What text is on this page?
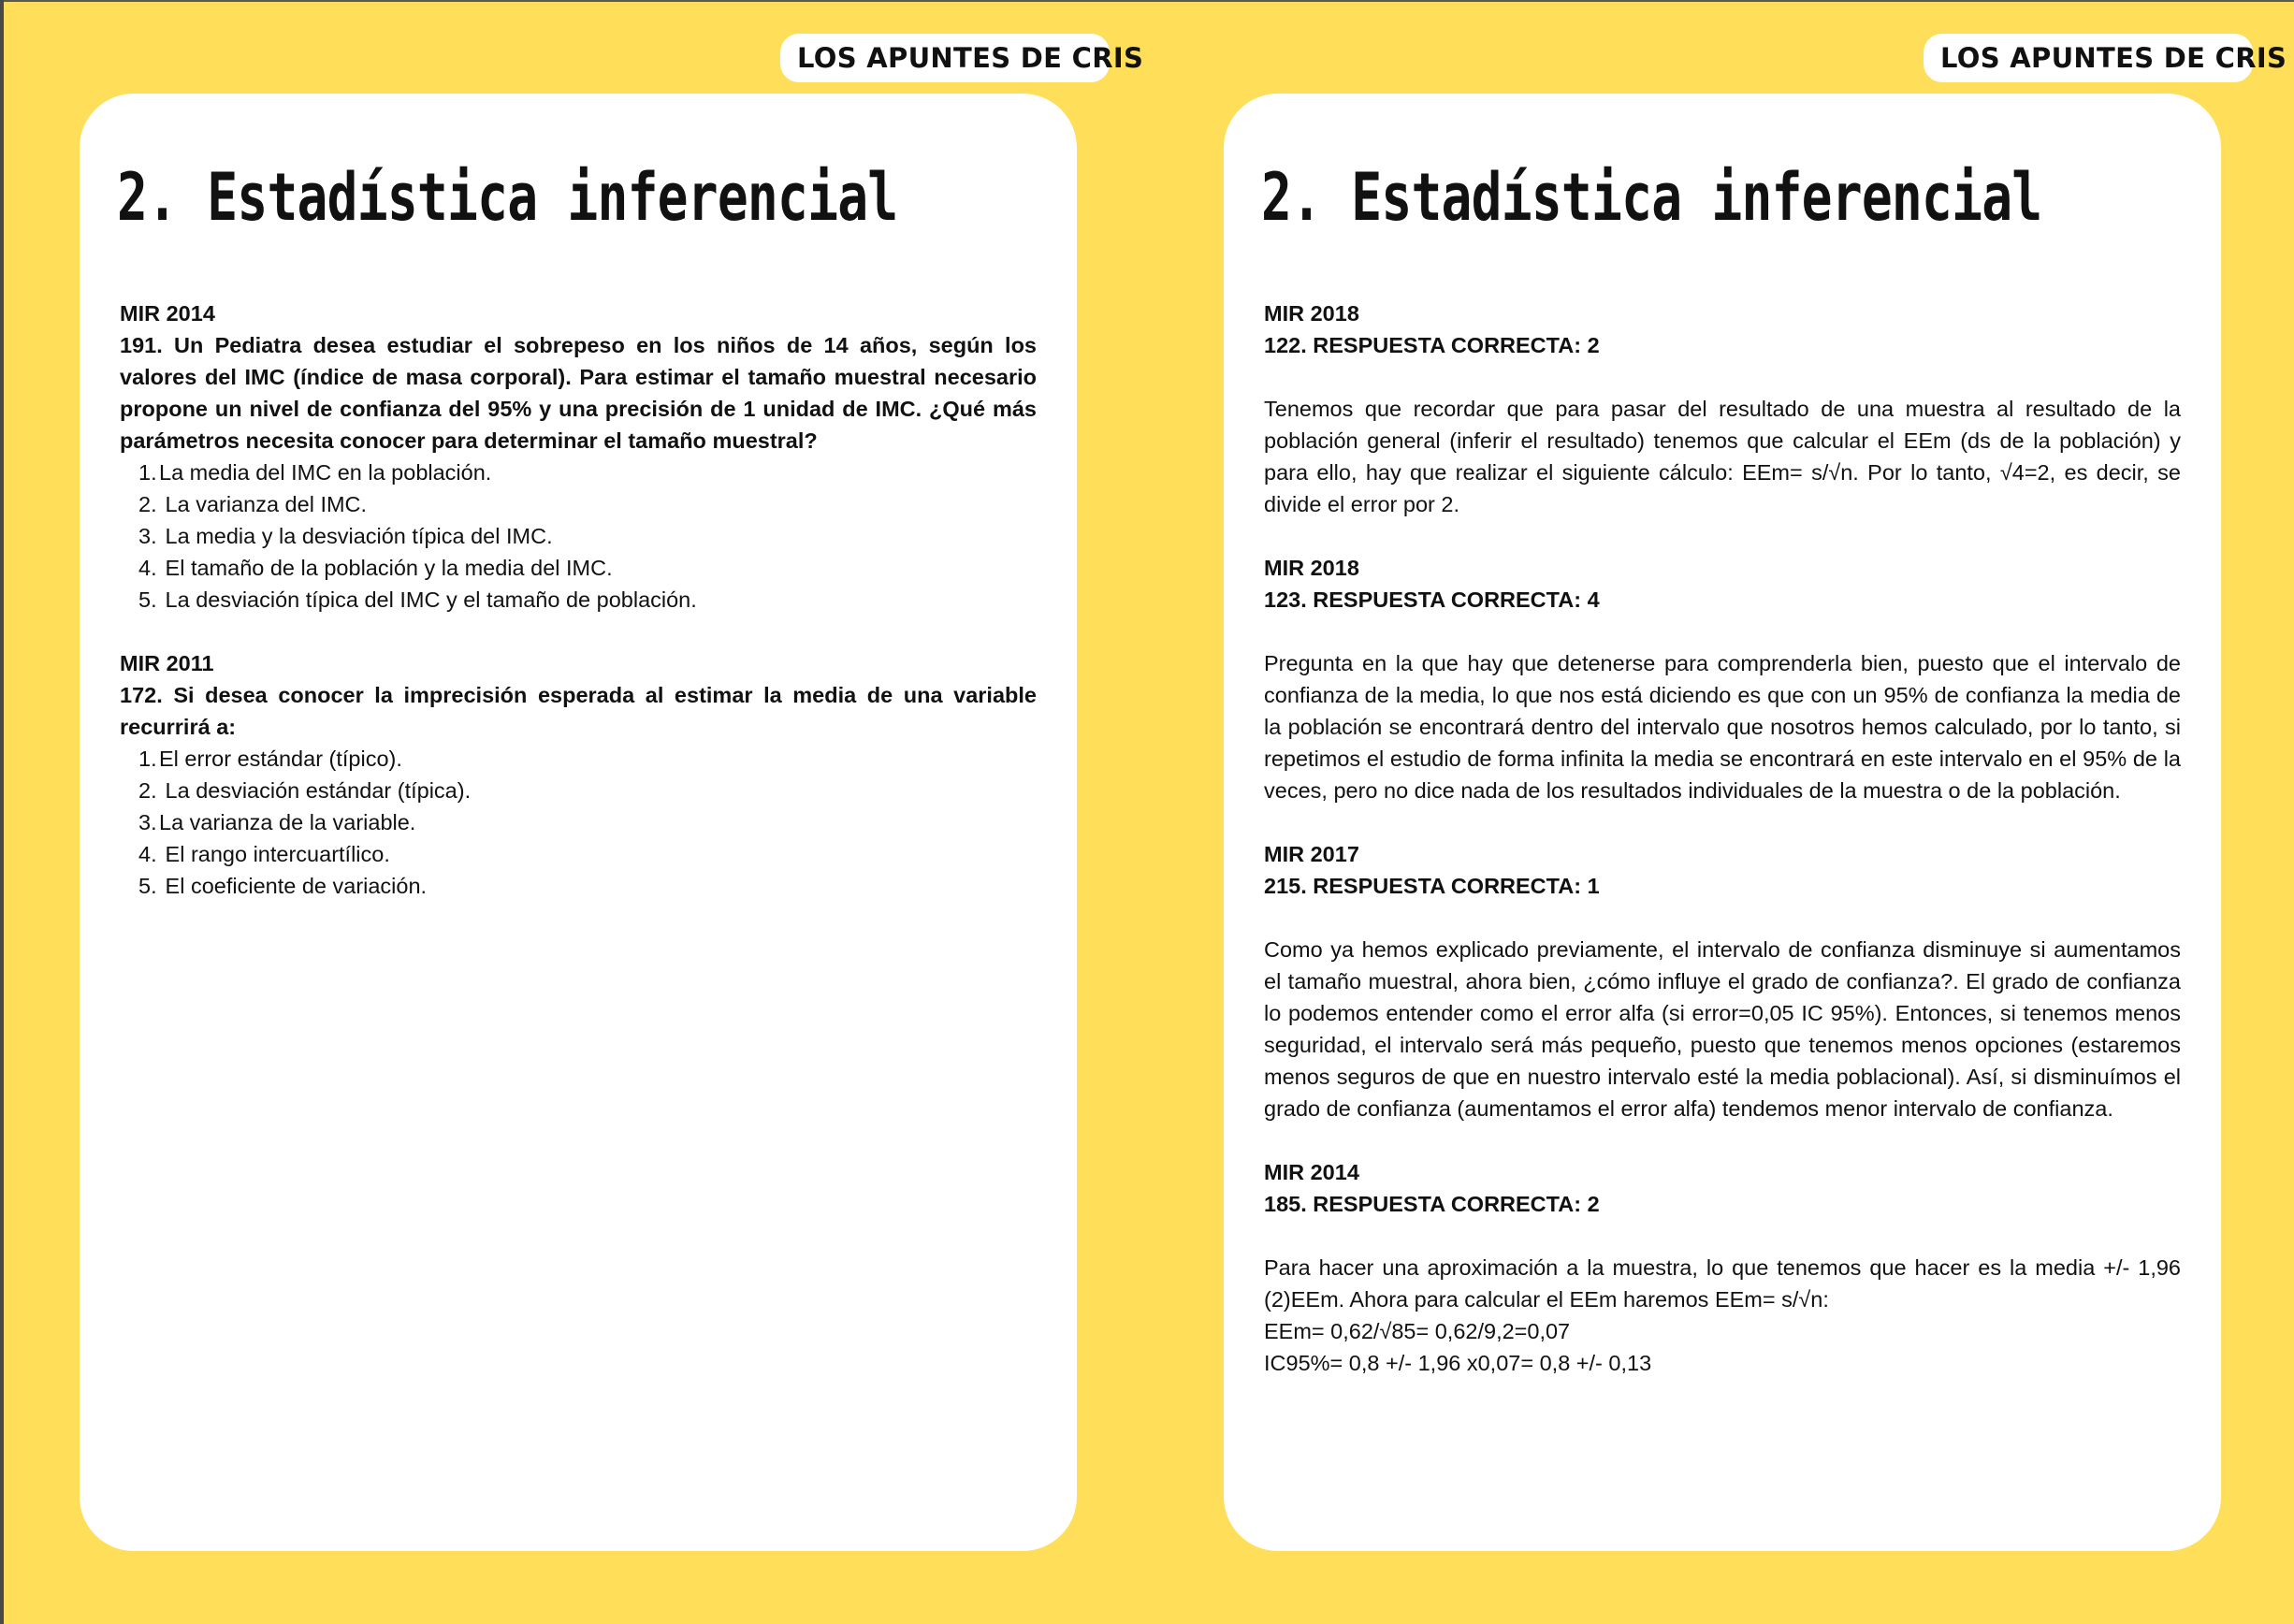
LOS APUNTES DE CRIS	LOS APUNTES DE CRIS
2. Estadística inferencial

MIR 2014

191. Un Pediatra desea estudiar el sobrepeso en los niños de 14 años, según los valores del IMC (índice de masa corporal). Para estimar el tamaño muestral necesario propone un nivel de confianza del 95% y una precisión de 1 unidad de IMC. ¿Qué más parámetros necesita conocer para determinar el tamaño muestral?

1. La media del IMC en la población.
2. La varianza del IMC.
3. La media y la desviación típica del IMC.
4. El tamaño de la población y la media del IMC.
5. La desviación típica del IMC y el tamaño de población.

MIR 2011

172. Si desea conocer la imprecisión esperada al estimar la media de una variable recurrirá a:

1. El error estándar (típico).
2. La desviación estándar (típica).
3. La varianza de la variable.
4. El rango intercuartílico.
5. El coeficiente de variación.
2. Estadística inferencial

MIR 2018

122. RESPUESTA CORRECTA: 2

Tenemos que recordar que para pasar del resultado de una muestra al resultado de la población general (inferir el resultado) tenemos que calcular el EEm (ds de la población) y para ello, hay que realizar el siguiente cálculo: EEm= s/√n. Por lo tanto, √4=2, es decir, se divide el error por 2.

MIR 2018

123. RESPUESTA CORRECTA: 4

Pregunta en la que hay que detenerse para comprenderla bien, puesto que el intervalo de confianza de la media, lo que nos está diciendo es que con un 95% de confianza la media de la población se encontrará dentro del intervalo que nosotros hemos calculado, por lo tanto, si repetimos el estudio de forma infinita la media se encontrará en este intervalo en el 95% de la veces, pero no dice nada de los resultados individuales de la muestra o de la población.

MIR 2017

215. RESPUESTA CORRECTA: 1

Como ya hemos explicado previamente, el intervalo de confianza disminuye si aumentamos el tamaño muestral, ahora bien, ¿cómo influye el grado de confianza?. El grado de confianza lo podemos entender como el error alfa (si error=0,05 IC 95%). Entonces, si tenemos menos seguridad, el intervalo será más pequeño, puesto que tenemos menos opciones (estaremos menos seguros de que en nuestro intervalo esté la media poblacional). Así, si disminuímos el grado de confianza (aumentamos el error alfa) tendemos menor intervalo de confianza.

MIR 2014

185. RESPUESTA CORRECTA: 2

Para hacer una aproximación a la muestra, lo que tenemos que hacer es la media +/- 1,96 (2)EEm. Ahora para calcular el EEm haremos EEm= s/√n:

EEm= 0,62/√85= 0,62/9,2=0,07

IC95%= 0,8 +/- 1,96 x0,07= 0,8 +/- 0,13
